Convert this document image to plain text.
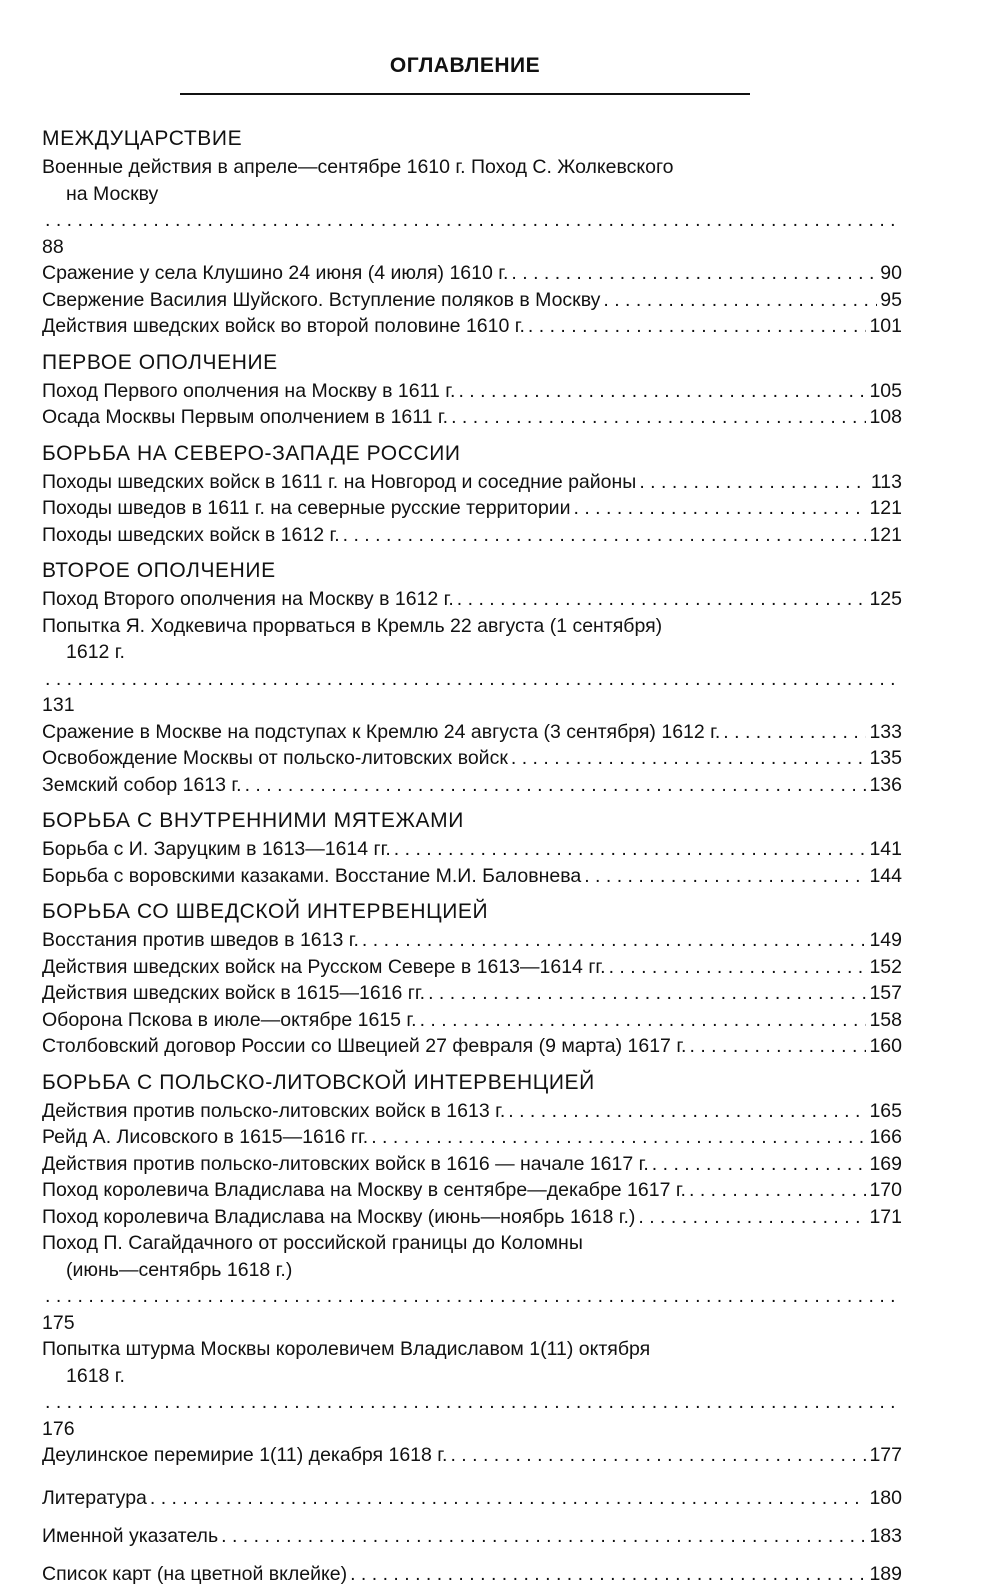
ОГЛАВЛЕНИЕ
МЕЖДУЦАРСТВИЕ
Военные действия в апреле—сентябре 1610 г. Поход С. Жолкевского
на Москву
. . .
88
Сражение у села Клушино 24 июня (4 июля) 1610 г. . . .	90
Свержение Василия Шуйского. Вступление поляков в Москву . . .	95
Действия шведских войск во второй половине 1610 г. . . .	101
ПЕРВОЕ ОПОЛЧЕНИЕ
Поход Первого ополчения на Москву в 1611 г. . . .	105
Осада Москвы Первым ополчением в 1611 г. . . .	108
БОРЬБА НА СЕВЕРО-ЗАПАДЕ РОССИИ
Походы шведских войск в 1611 г. на Новгород и соседние районы . . .	113
Походы шведов в 1611 г. на северные русские территории . . .	121
Походы шведских войск в 1612 г. . . .	121
ВТОРОЕ ОПОЛЧЕНИЕ
Поход Второго ополчения на Москву в 1612 г. . . .	125
Попытка Я. Ходкевича прорваться в Кремль 22 августа (1 сентября)
1612 г.
. . .
131
Сражение в Москве на подступах к Кремлю 24 августа (3 сентября) 1612 г. . . .	133
Освобождение Москвы от польско-литовских войск . . .	135
Земский собор 1613 г. . . .	136
БОРЬБА С ВНУТРЕННИМИ МЯТЕЖАМИ
Борьба с И. Заруцким в 1613—1614 гг. . . .	141
Борьба с воровскими казаками. Восстание М.И. Баловнева . . .	144
БОРЬБА СО ШВЕДСКОЙ ИНТЕРВЕНЦИЕЙ
Восстания против шведов в 1613 г. . . .	149
Действия шведских войск на Русском Севере в 1613—1614 гг. . . .	152
Действия шведских войск в 1615—1616 гг. . . .	157
Оборона Пскова в июле—октябре 1615 г. . . .	158
Столбовский договор России со Швецией 27 февраля (9 марта) 1617 г. . . .	160
БОРЬБА С ПОЛЬСКО-ЛИТОВСКОЙ ИНТЕРВЕНЦИЕЙ
Действия против польско-литовских войск в 1613 г. . . .	165
Рейд А. Лисовского в 1615—1616 гг. . . .	166
Действия против польско-литовских войск в 1616 — начале 1617 г. . . .	169
Поход королевича Владислава на Москву в сентябре—декабре 1617 г. . . .	170
Поход королевича Владислава на Москву (июнь—ноябрь 1618 г.) . . .	171
Поход П. Сагайдачного от российской границы до Коломны
(июнь—сентябрь 1618 г.)
. . .
175
Попытка штурма Москвы королевичем Владиславом 1(11) октября
1618 г.
. . .
176
Деулинское перемирие 1(11) декабря 1618 г. . . .	177
Литература . . .	180
Именной указатель . . .	183
Список карт (на цветной вклейке) . . .	189
